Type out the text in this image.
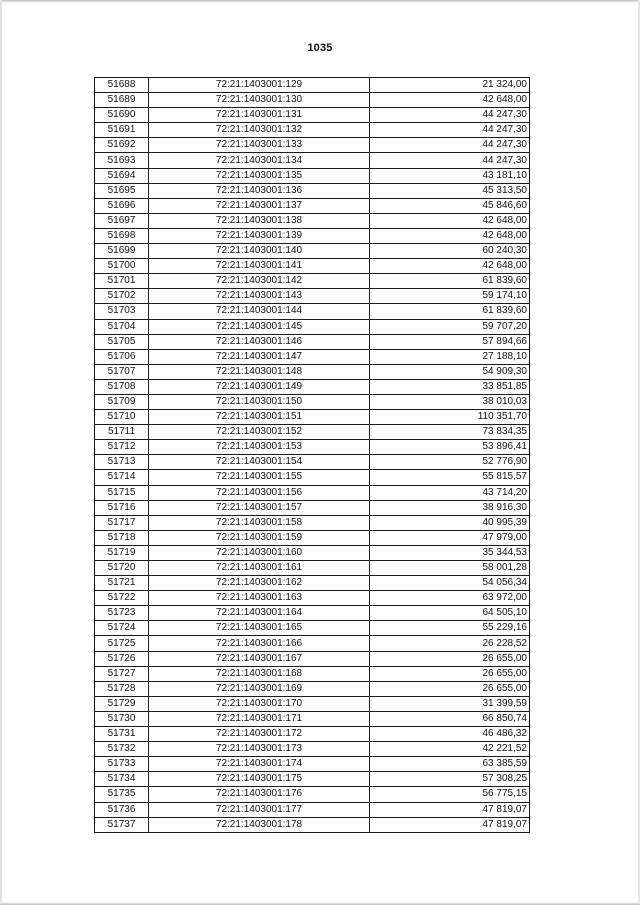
1035
51688	72:21:1403001:129	21 324,00
51689	72:21:1403001:130	42 648,00
51690	72:21:1403001:131	44 247,30
51691	72:21:1403001:132	44 247,30
51692	72:21:1403001:133	44 247,30
51693	72:21:1403001:134	44 247,30
51694	72:21:1403001:135	43 181,10
51695	72:21:1403001:136	45 313,50
51696	72:21:1403001:137	45 846,60
51697	72:21:1403001:138	42 648,00
51698	72:21:1403001:139	42 648,00
51699	72:21:1403001:140	60 240,30
51700	72:21:1403001:141	42 648,00
51701	72:21:1403001:142	61 839,60
51702	72:21:1403001:143	59 174,10
51703	72:21:1403001:144	61 839,60
51704	72:21:1403001:145	59 707,20
51705	72:21:1403001:146	57 894,66
51706	72:21:1403001:147	27 188,10
51707	72:21:1403001:148	54 909,30
51708	72:21:1403001:149	33 851,85
51709	72:21:1403001:150	38 010,03
51710	72:21:1403001:151	110 351,70
51711	72:21:1403001:152	73 834,35
51712	72:21:1403001:153	53 896,41
51713	72:21:1403001:154	52 776,90
51714	72:21:1403001:155	55 815,57
51715	72:21:1403001:156	43 714,20
51716	72:21:1403001:157	38 916,30
51717	72:21:1403001:158	40 995,39
51718	72:21:1403001:159	47 979,00
51719	72:21:1403001:160	35 344,53
51720	72:21:1403001:161	58 001,28
51721	72:21:1403001:162	54 056,34
51722	72:21:1403001:163	63 972,00
51723	72:21:1403001:164	64 505,10
51724	72:21:1403001:165	55 229,16
51725	72:21:1403001:166	26 228,52
51726	72:21:1403001:167	26 655,00
51727	72:21:1403001:168	26 655,00
51728	72:21:1403001:169	26 655,00
51729	72:21:1403001:170	31 399,59
51730	72:21:1403001:171	66 850,74
51731	72:21:1403001:172	46 486,32
51732	72:21:1403001:173	42 221,52
51733	72:21:1403001:174	63 385,59
51734	72:21:1403001:175	57 308,25
51735	72:21:1403001:176	56 775,15
51736	72:21:1403001:177	47 819,07
51737	72:21:1403001:178	47 819,07
